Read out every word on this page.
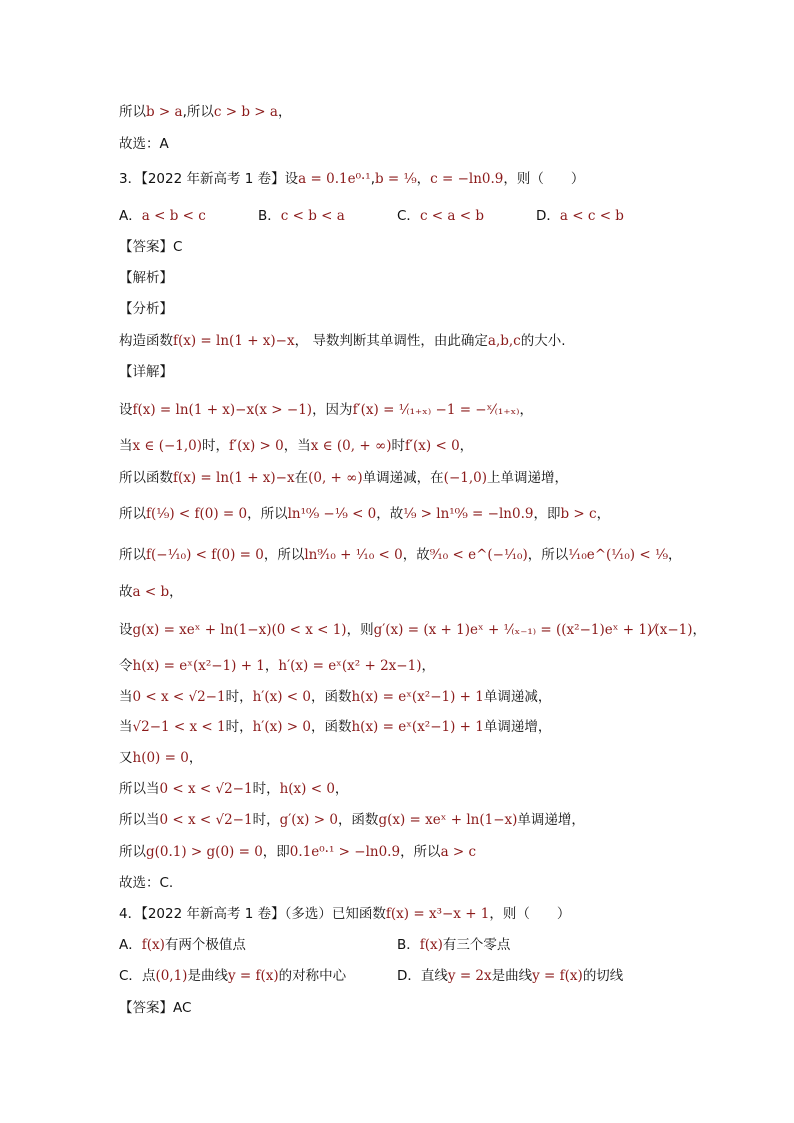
所以b > a,所以c > b > a，
故选：A
3．【2022 年新高考 1 卷】设a = 0.1e⁰·¹,b = ¹⁄₉，c = −ln0.9，则（　　）
A．a < b < c	B．c < b < a	C．c < a < b	D．a < c < b
【答案】C
【解析】
【分析】
构造函数f(x) = ln(1 + x)−x， 导数判断其单调性，由此确定a,b,c的大小.
【详解】
设f(x) = ln(1 + x)−x(x > −1)，因为f′(x) = ¹⁄₍₁₊ₓ₎ −1 = −ˣ⁄₍₁₊ₓ₎，
当x ∈ (−1,0)时，f′(x) > 0，当x ∈ (0, + ∞)时f′(x) < 0，
所以函数f(x) = ln(1 + x)−x在(0, + ∞)单调递减，在(−1,0)上单调递增，
所以f(¹⁄₉) < f(0) = 0，所以ln¹⁰⁄₉ −¹⁄₉ < 0，故¹⁄₉ > ln¹⁰⁄₉ = −ln0.9，即b > c，
所以f(−¹⁄₁₀) < f(0) = 0，所以ln⁹⁄₁₀ + ¹⁄₁₀ < 0，故⁹⁄₁₀ < e^(−¹⁄₁₀)，所以¹⁄₁₀e^(¹⁄₁₀) < ¹⁄₉，
故a < b，
设g(x) = xeˣ + ln(1−x)(0 < x < 1)，则g′(x) = (x + 1)eˣ + ¹⁄₍ₓ₋₁₎ = ((x²−1)eˣ + 1)⁄(x−1)，
令h(x) = eˣ(x²−1) + 1，h′(x) = eˣ(x² + 2x−1)，
当0 < x < √2−1时，h′(x) < 0，函数h(x) = eˣ(x²−1) + 1单调递减，
当√2−1 < x < 1时，h′(x) > 0，函数h(x) = eˣ(x²−1) + 1单调递增，
又h(0) = 0，
所以当0 < x < √2−1时，h(x) < 0，
所以当0 < x < √2−1时，g′(x) > 0，函数g(x) = xeˣ + ln(1−x)单调递增，
所以g(0.1) > g(0) = 0，即0.1e⁰·¹ > −ln0.9，所以a > c
故选：C.
4．【2022 年新高考 1 卷】（多选）已知函数f(x) = x³−x + 1，则（　　）
A．f(x)有两个极值点	B．f(x)有三个零点
C．点(0,1)是曲线y = f(x)的对称中心	D．直线y = 2x是曲线y = f(x)的切线
【答案】AC
